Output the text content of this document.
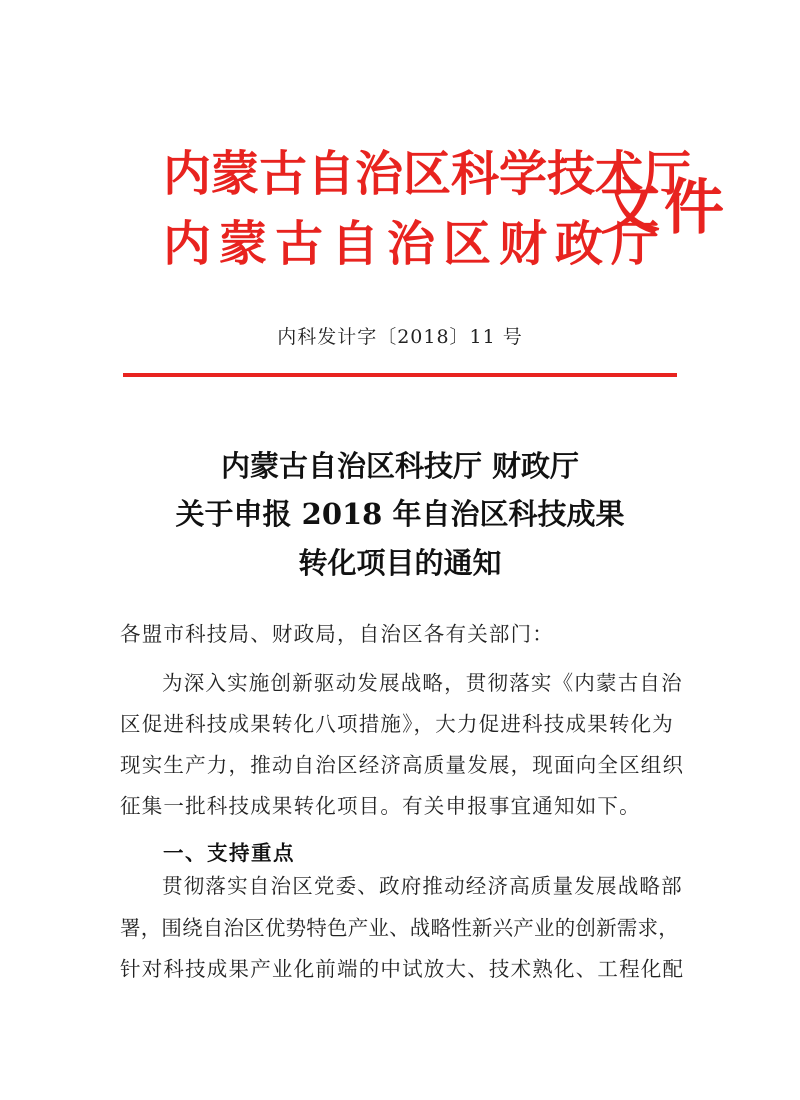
内蒙古自治区科学技术厅
内蒙古自治区财政厅
文件
内科发计字〔2018〕11 号
内蒙古自治区科技厅 财政厅
关于申报 2018 年自治区科技成果
转化项目的通知
各盟市科技局、财政局，自治区各有关部门：
为深入实施创新驱动发展战略，贯彻落实《内蒙古自治
区促进科技成果转化八项措施》，大力促进科技成果转化为
现实生产力，推动自治区经济高质量发展，现面向全区组织
征集一批科技成果转化项目。有关申报事宜通知如下。
一、支持重点
贯彻落实自治区党委、政府推动经济高质量发展战略部
署，围绕自治区优势特色产业、战略性新兴产业的创新需求，
针对科技成果产业化前端的中试放大、技术熟化、工程化配
